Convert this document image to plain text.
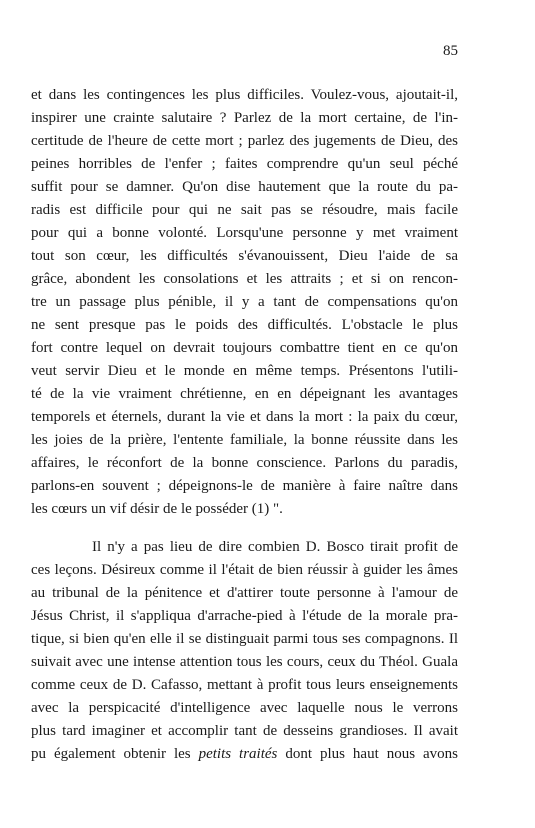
85
et dans les contingences les plus difficiles. Voulez-vous, ajoutait-il,
inspirer une crainte salutaire ? Parlez de la mort certaine, de l'in-
certitude de l'heure de cette mort ; parlez des jugements de Dieu, des
peines horribles de l'enfer ; faites comprendre qu'un seul péché
suffit pour se damner. Qu'on dise hautement que la route du pa-
radis est difficile pour qui ne sait pas se résoudre, mais facile
pour qui a bonne volonté. Lorsqu'une personne y met vraiment
tout son cœur, les difficultés s'évanouissent, Dieu l'aide de sa
grâce, abondent les consolations et les attraits ; et si on rencon-
tre un passage plus pénible, il y a tant de compensations qu'on
ne sent presque pas le poids des difficultés. L'obstacle le plus
fort contre lequel on devrait toujours combattre tient en ce qu'on
veut servir Dieu et le monde en même temps. Présentons l'utili-
té de la vie vraiment chrétienne, en en dépeignant les avantages
temporels et éternels, durant la vie et dans la mort : la paix du cœur,
les joies de la prière, l'entente familiale, la bonne réussite dans les
affaires, le réconfort de la bonne conscience. Parlons du paradis,
parlons-en souvent ; dépeignons-le de manière à faire naître dans
les cœurs un vif désir de le posséder (1) ".
Il n'y a pas lieu de dire combien D. Bosco tirait profit de
ces leçons. Désireux comme il l'était de bien réussir à guider les âmes
au tribunal de la pénitence et d'attirer toute personne à l'amour de
Jésus Christ, il s'appliqua d'arrache-pied à l'étude de la morale pra-
tique, si bien qu'en elle il se distinguait parmi tous ses compagnons. Il
suivait avec une intense attention tous les cours, ceux du Théol. Guala
comme ceux de D. Cafasso, mettant à profit tous leurs enseignements
avec la perspicacité d'intelligence avec laquelle nous le verrons
plus tard imaginer et accomplir tant de desseins grandioses. Il avait
pu également obtenir les petits traités dont plus haut nous avons
